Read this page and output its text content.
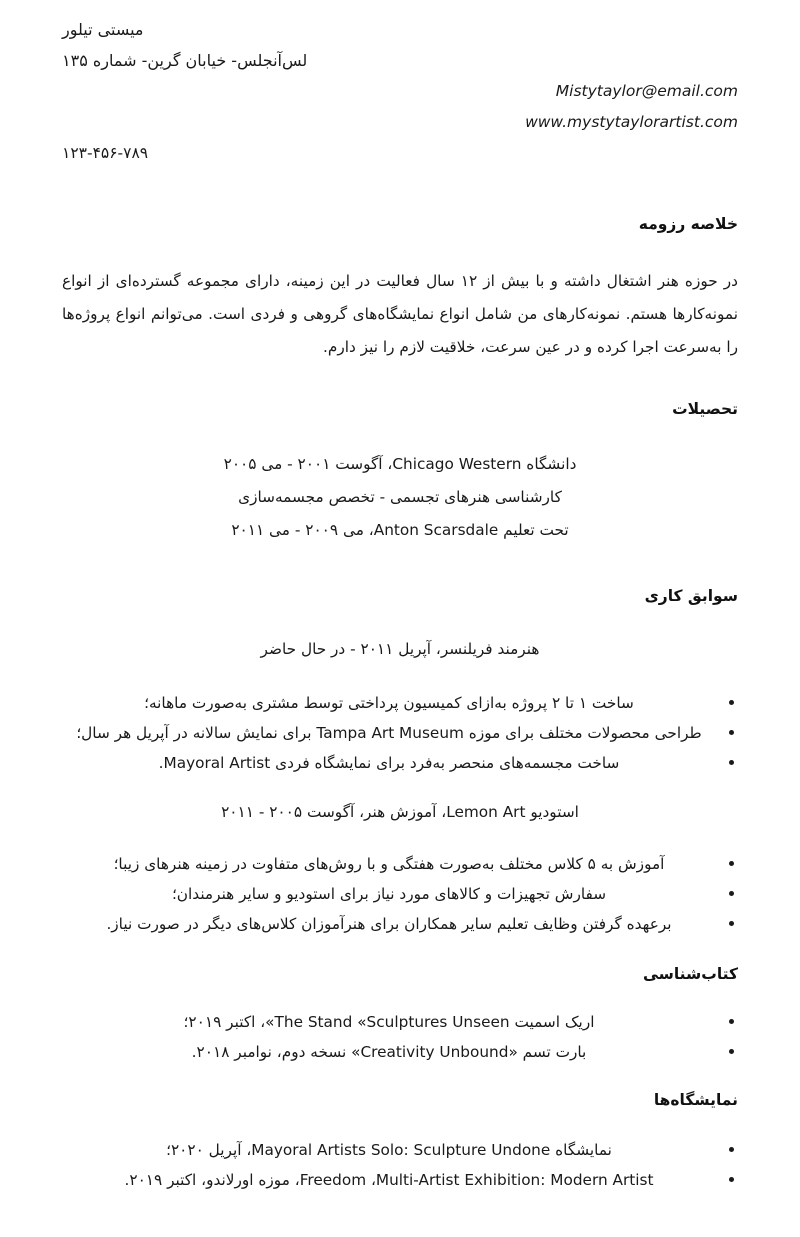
میستی تیلور
لس‌آنجلس- خیابان گرین- شماره ۱۳۵
Mistytaylor@email.com
www.mystytaylorartist.com
۱۲۳-۴۵۶-۷۸۹
خلاصه رزومه

در حوزه هنر اشتغال داشته و با بیش از ۱۲ سال فعالیت در این زمینه، دارای مجموعه گسترده‌ای از انواع نمونه‌کارها هستم. نمونه‌کارهای من شامل انواع نمایشگاه‌های گروهی و فردی است. می‌توانم انواع پروژه‌ها را به‌سرعت اجرا کرده و در عین سرعت، خلاقیت لازم را نیز دارم.

تحصیلات
دانشگاه Chicago Western، آگوست ۲۰۰۱ - می ۲۰۰۵
کارشناسی هنرهای تجسمی - تخصص مجسمه‌سازی
تحت تعلیم Anton Scarsdale، می ۲۰۰۹ - می ۲۰۱۱
سوابق کاری
هنرمند فریلنسر، آپریل ۲۰۱۱ - در حال حاضر
ساخت ۱ تا ۲ پروژه به‌ازای کمیسیون پرداختی توسط مشتری به‌صورت ماهانه؛
طراحی محصولات مختلف برای موزه Tampa Art Museum برای نمایش سالانه در آپریل هر سال؛
ساخت مجسمه‌های منحصر به‌فرد برای نمایشگاه فردی Mayoral Artist.
استودیو Lemon Art، آموزش هنر، آگوست ۲۰۰۵ - ۲۰۱۱
آموزش به ۵ کلاس مختلف به‌صورت هفتگی و با روش‌های متفاوت در زمینه هنرهای زیبا؛
سفارش تجهیزات و کالاهای مورد نیاز برای استودیو و سایر هنرمندان؛
برعهده گرفتن وظایف تعلیم سایر همکاران برای هنرآموزان کلاس‌های دیگر در صورت نیاز.
کتاب‌شناسی
اریک اسمیت The Stand «Sculptures Unseen»، اکتبر ۲۰۱۹؛
بارت تسم «Creativity Unbound» نسخه دوم، نوامبر ۲۰۱۸.
نمایشگاه‌ها
نمایشگاه Mayoral Artists Solo: Sculpture Undone، آپریل ۲۰۲۰؛
Freedom ،Multi-Artist Exhibition: Modern Artist، موزه اورلاندو، اکتبر ۲۰۱۹.
